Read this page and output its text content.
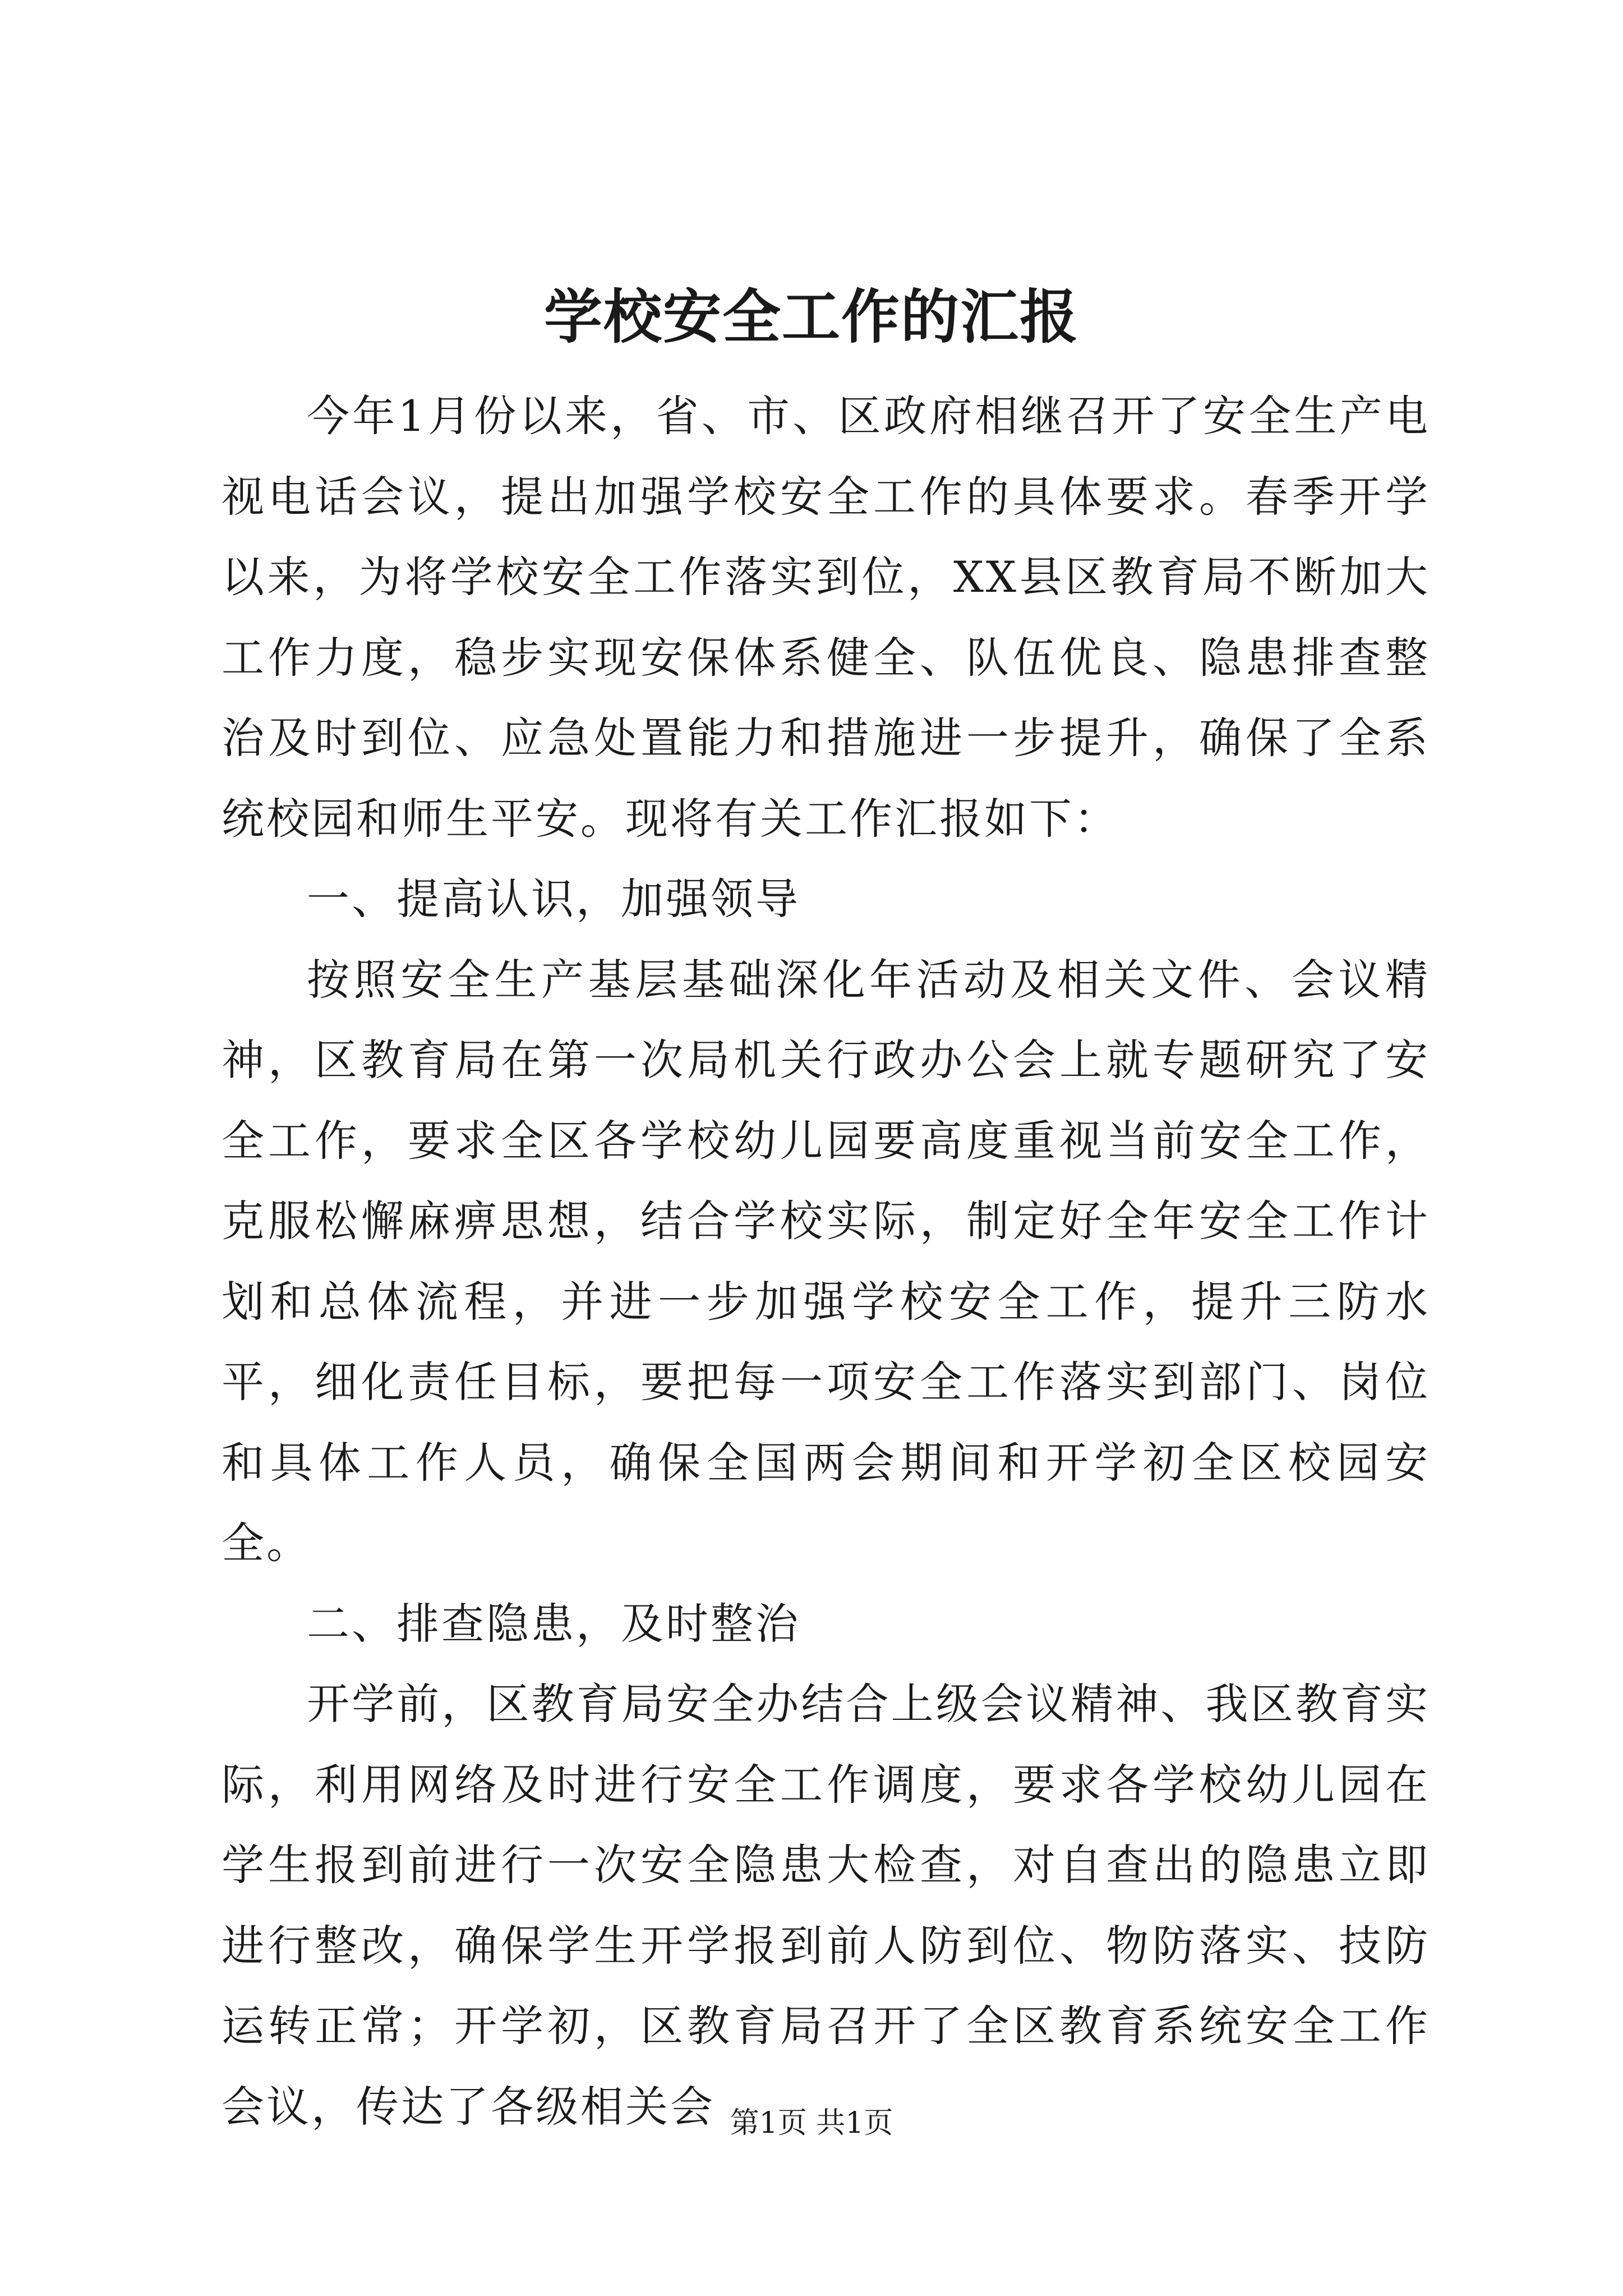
学校安全工作的汇报

今年1月份以来，省、市、区政府相继召开了安全生产电视电话会议，提出加强学校安全工作的具体要求。春季开学以来，为将学校安全工作落实到位，XX县区教育局不断加大工作力度，稳步实现安保体系健全、队伍优良、隐患排查整治及时到位、应急处置能力和措施进一步提升，确保了全系统校园和师生平安。现将有关工作汇报如下：

一、提高认识，加强领导

按照安全生产基层基础深化年活动及相关文件、会议精神，区教育局在第一次局机关行政办公会上就专题研究了安全工作，要求全区各学校幼儿园要高度重视当前安全工作，克服松懈麻痹思想，结合学校实际，制定好全年安全工作计划和总体流程，并进一步加强学校安全工作，提升三防水平，细化责任目标，要把每一项安全工作落实到部门、岗位和具体工作人员，确保全国两会期间和开学初全区校园安全。

二、排查隐患，及时整治

开学前，区教育局安全办结合上级会议精神、我区教育实际，利用网络及时进行安全工作调度，要求各学校幼儿园在学生报到前进行一次安全隐患大检查，对自查出的隐患立即进行整改，确保学生开学报到前人防到位、物防落实、技防运转正常；开学初，区教育局召开了全区教育系统安全工作会议，传达了各级相关会 第1页 共1页
